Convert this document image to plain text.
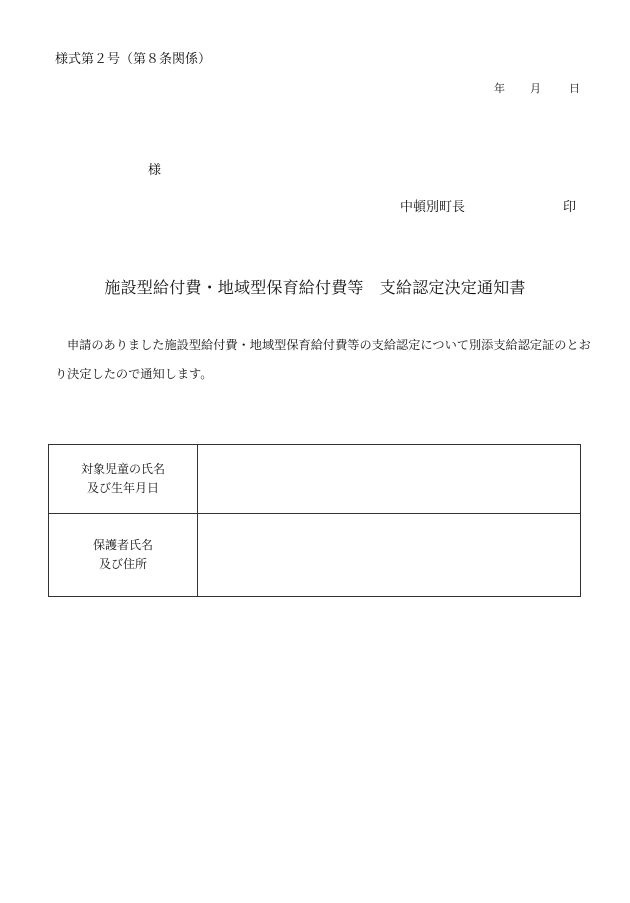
様式第２号（第８条関係）
年	月	日
様
中頓別町長	印
施設型給付費・地域型保育給付費等　支給認定決定通知書
申請のありました施設型給付費・地域型保育給付費等の支給認定について別添支給認定証のとお
り決定したので通知します。
対象児童の氏名
及び生年月日	

保護者氏名
及び住所	
